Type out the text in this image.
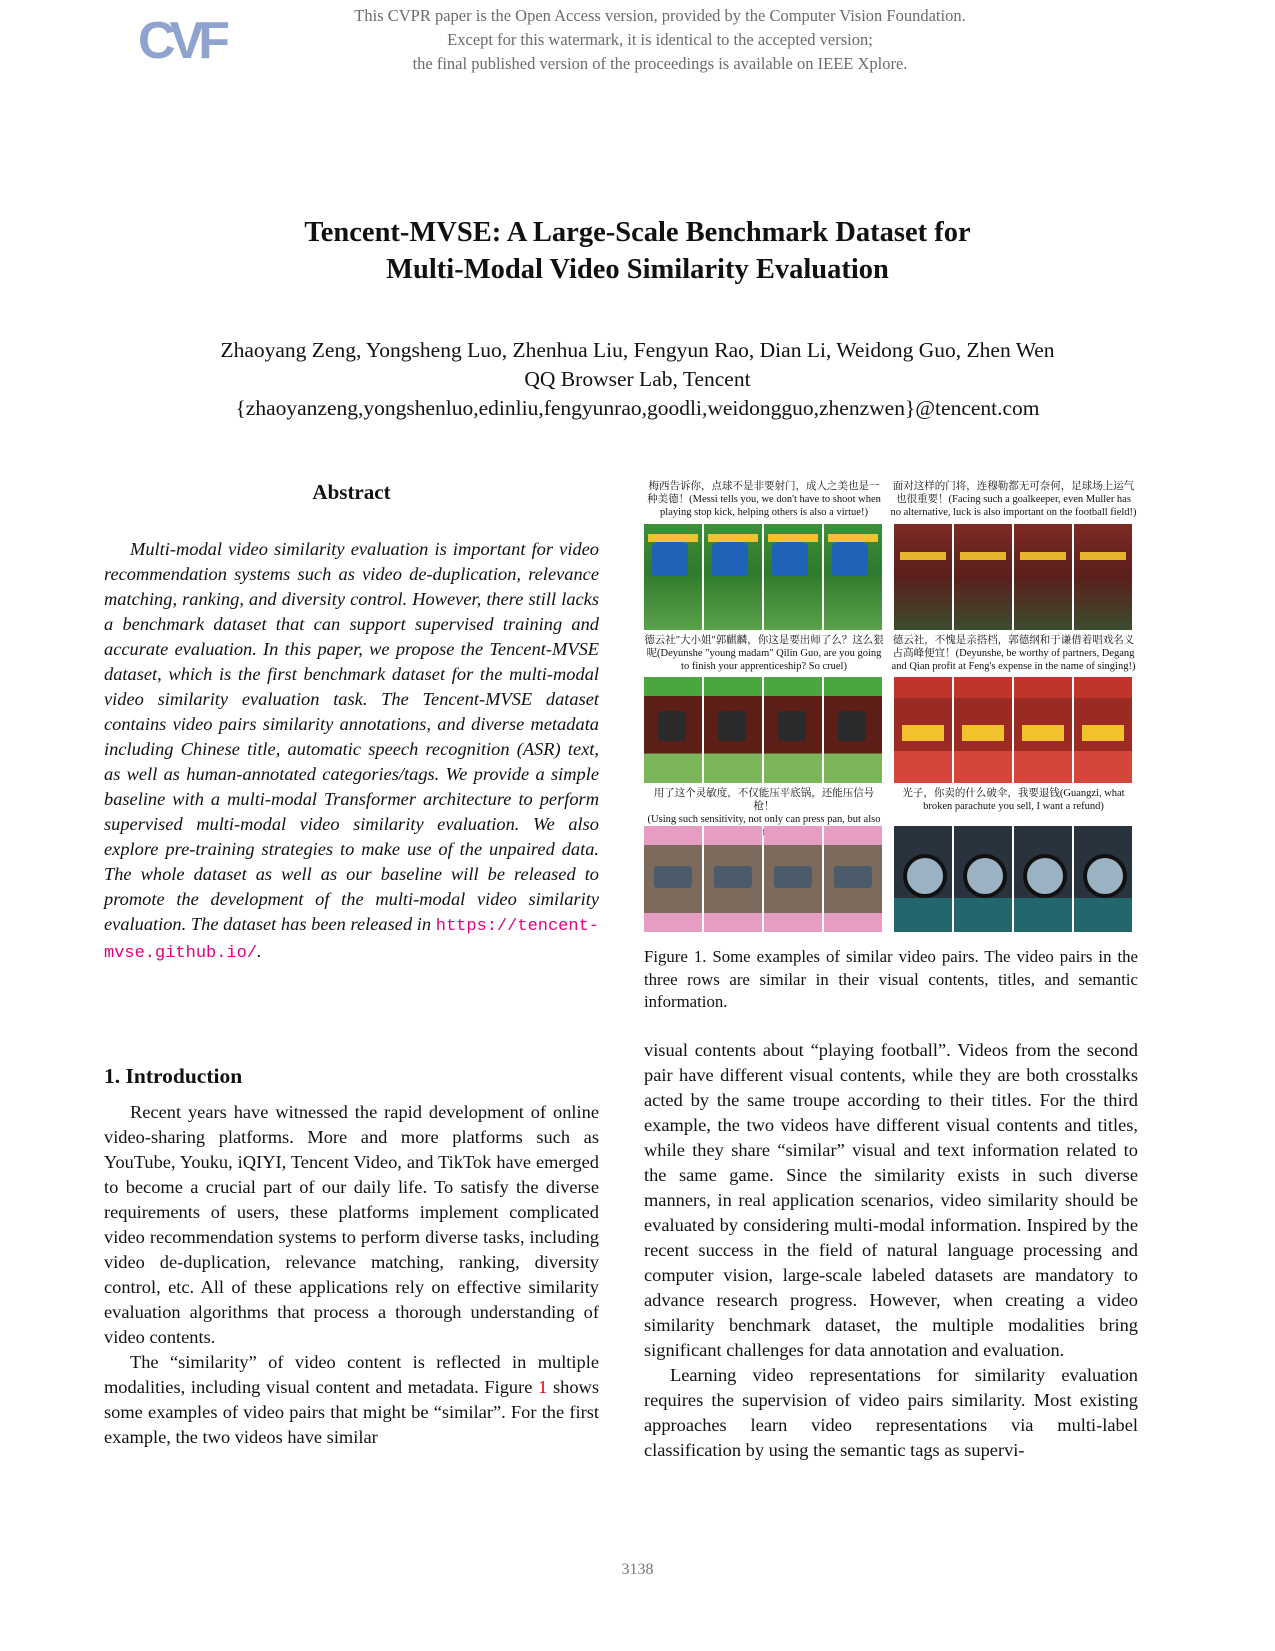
CVF	This CVPR paper is the Open Access version, provided by the Computer Vision Foundation.
Except for this watermark, it is identical to the accepted version;
the final published version of the proceedings is available on IEEE Xplore.
Tencent-MVSE: A Large-Scale Benchmark Dataset for
Multi-Modal Video Similarity Evaluation
Zhaoyang Zeng, Yongsheng Luo, Zhenhua Liu, Fengyun Rao, Dian Li, Weidong Guo, Zhen Wen
QQ Browser Lab, Tencent
{zhaoyanzeng,yongshenluo,edinliu,fengyunrao,goodli,weidongguo,zhenzwen}@tencent.com
Abstract

Multi-modal video similarity evaluation is important for video recommendation systems such as video de-duplication, relevance matching, ranking, and diversity control. However, there still lacks a benchmark dataset that can support supervised training and accurate evaluation. In this paper, we propose the Tencent-MVSE dataset, which is the first benchmark dataset for the multi-modal video similarity evaluation task. The Tencent-MVSE dataset contains video pairs similarity annotations, and diverse metadata including Chinese title, automatic speech recognition (ASR) text, as well as human-annotated categories/tags. We provide a simple baseline with a multi-modal Transformer architecture to perform supervised multi-modal video similarity evaluation. We also explore pre-training strategies to make use of the unpaired data. The whole dataset as well as our baseline will be released to promote the development of the multi-modal video similarity evaluation. The dataset has been released in https://tencent-mvse.github.io/.

1. Introduction

Recent years have witnessed the rapid development of online video-sharing platforms. More and more platforms such as YouTube, Youku, iQIYI, Tencent Video, and TikTok have emerged to become a crucial part of our daily life. To satisfy the diverse requirements of users, these platforms implement complicated video recommendation systems to perform diverse tasks, including video de-duplication, relevance matching, ranking, diversity control, etc. All of these applications rely on effective similarity evaluation algorithms that process a thorough understanding of video contents.

The “similarity” of video content is reflected in multiple modalities, including visual content and metadata. Figure 1 shows some examples of video pairs that might be “similar”. For the first example, the two videos have similar

梅西告诉你，点球不是非要射门，成人之美也是一
种美德！(Messi tells you, we don't have to shoot when
playing stop kick, helping others is also a virtue!)
面对这样的门将，连穆勒都无可奈何，足球场上运气
也很重要！(Facing such a goalkeeper, even Muller has
no alternative, luck is also important on the football field!)
德云社"大小姐"郭麒麟，你这是要出师了么？这么狠
呢(Deyunshe "young madam" Qilin Guo, are you going
to finish your apprenticeship? So cruel)
德云社，不愧是亲搭档，郭德纲和于谦借着唱戏名义
占高峰便宜！(Deyunshe, be worthy of partners, Degang
and Qian profit at Feng's expense in the name of singing!)
用了这个灵敏度，不仅能压平底锅，还能压信号枪！
(Using such sensitivity, not only can press pan, but also
光子，你卖的什么破伞，我要退钱(Guangzi, what
broken parachute you sell, I want a refund)

Figure 1. Some examples of similar video pairs. The video pairs in the three rows are similar in their visual contents, titles, and semantic information.

visual contents about “playing football”. Videos from the second pair have different visual contents, while they are both crosstalks acted by the same troupe according to their titles. For the third example, the two videos have different visual contents and titles, while they share “similar” visual and text information related to the same game. Since the similarity exists in such diverse manners, in real application scenarios, video similarity should be evaluated by considering multi-modal information. Inspired by the recent success in the field of natural language processing and computer vision, large-scale labeled datasets are mandatory to advance research progress. However, when creating a video similarity benchmark dataset, the multiple modalities bring significant challenges for data annotation and evaluation.

Learning video representations for similarity evaluation requires the supervision of video pairs similarity. Most existing approaches learn video representations via multi-label classification by using the semantic tags as supervi-

3138
